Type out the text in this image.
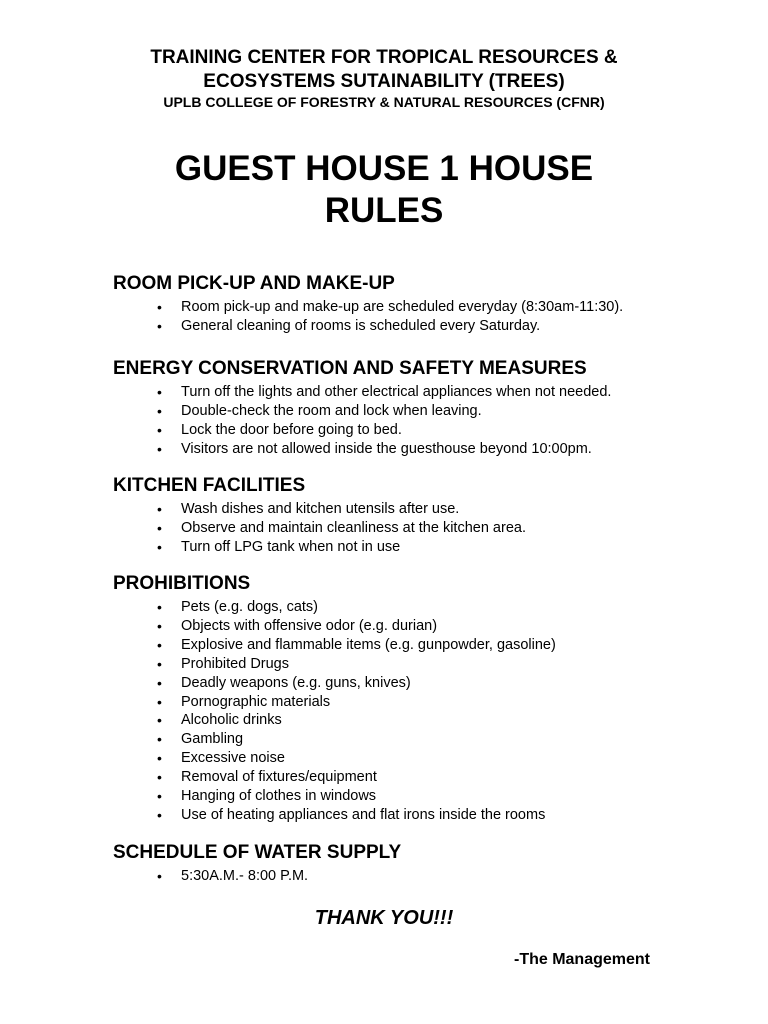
TRAINING CENTER FOR TROPICAL RESOURCES &
ECOSYSTEMS SUTAINABILITY (TREES)
UPLB COLLEGE OF FORESTRY & NATURAL RESOURCES (CFNR)
GUEST HOUSE 1 HOUSE
RULES
ROOM PICK-UP AND MAKE-UP
• Room pick-up and make-up are scheduled everyday (8:30am-11:30).
• General cleaning of rooms is scheduled every Saturday.
ENERGY CONSERVATION AND SAFETY MEASURES
• Turn off the lights and other electrical appliances when not needed.
• Double-check the room and lock when leaving.
• Lock the door before going to bed.
• Visitors are not allowed inside the guesthouse beyond 10:00pm.
KITCHEN FACILITIES
• Wash dishes and kitchen utensils after use.
• Observe and maintain cleanliness at the kitchen area.
• Turn off LPG tank when not in use
PROHIBITIONS
• Pets (e.g. dogs, cats)
• Objects with offensive odor (e.g. durian)
• Explosive and flammable items (e.g. gunpowder, gasoline)
• Prohibited Drugs
• Deadly weapons (e.g. guns, knives)
• Pornographic materials
• Alcoholic drinks
• Gambling
• Excessive noise
• Removal of fixtures/equipment
• Hanging of clothes in windows
• Use of heating appliances and flat irons inside the rooms
SCHEDULE OF WATER SUPPLY
• 5:30A.M.- 8:00 P.M.
THANK YOU!!!
-The Management
